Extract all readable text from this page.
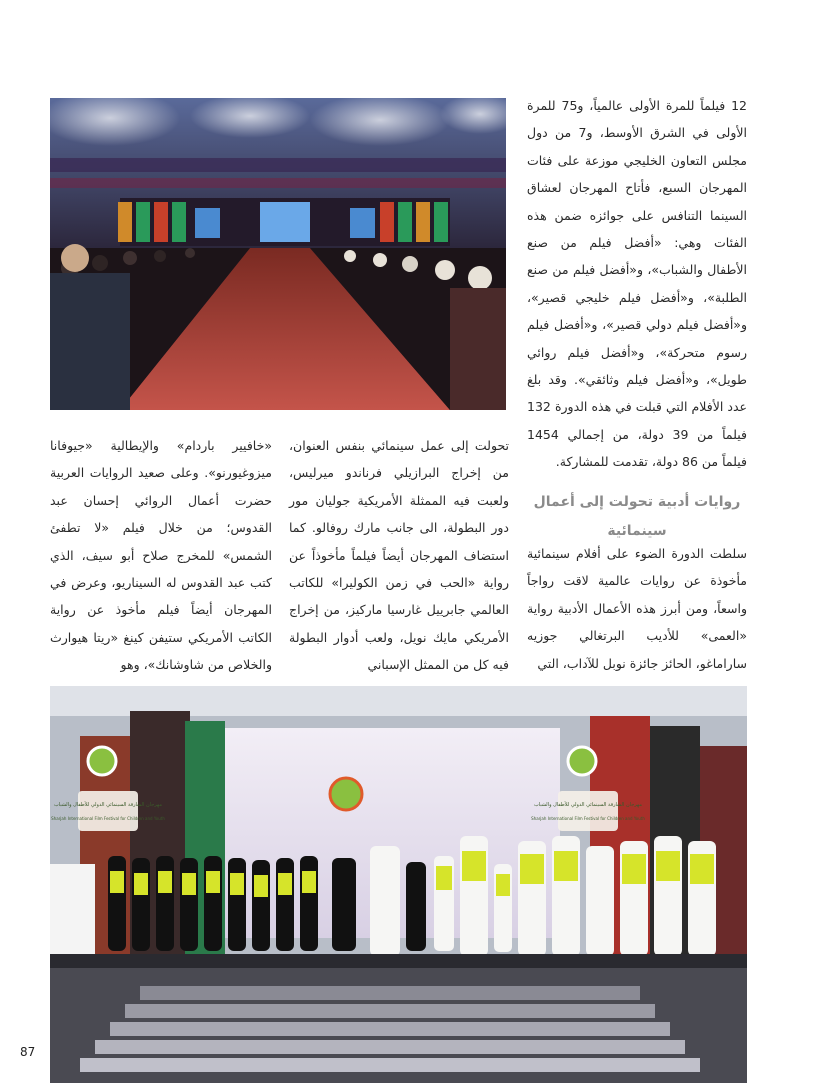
12 فيلماً للمرة الأولى عالمياً، و75 للمرة الأولى في الشرق الأوسط، و7 من دول مجلس التعاون الخليجي موزعة على فئات المهرجان السبع، فأتاح المهرجان لعشاق السينما التنافس على جوائزه ضمن هذه الفئات وهي: «أفضل فيلم من صنع الأطفال والشباب»، و«أفضل فيلم من صنع الطلبة»، و«أفضل فيلم خليجي قصير»، و«أفضل فيلم دولي قصير»، و«أفضل فيلم رسوم متحركة»، و«أفضل فيلم روائي طويل»، و«أفضل فيلم وثائقي». وقد بلغ عدد الأفلام التي قبلت في هذه الدورة 132 فيلماً من 39 دولة، من إجمالي 1454 فيلماً من 86 دولة، تقدمت للمشاركة.
روايات أدبية تحولت إلى أعمال سينمائية
سلطت الدورة الضوء على أفلام سينمائية مأخوذة عن روايات عالمية لاقت رواجاً واسعاً، ومن أبرز هذه الأعمال الأدبية رواية «العمى» للأديب البرتغالي جوزيه ساراماغو، الحائز جائزة نوبل للآداب، التي
تحولت إلى عمل سينمائي بنفس العنوان، من إخراج البرازيلي فرناندو ميرليس، ولعبت فيه الممثلة الأمريكية جوليان مور دور البطولة، الى جانب مارك روفالو. كما استضاف المهرجان أيضاً فيلماً مأخوذاً عن رواية «الحب في زمن الكوليرا» للكاتب العالمي جابرييل غارسيا ماركيز، من إخراج الأمريكي مايك نويل، ولعب أدوار البطولة فيه كل من الممثل الإسباني
«خافيير باردام» والإيطالية «جيوفانا ميزوغيورنو». وعلى صعيد الروايات العربية حضرت أعمال الروائي إحسان عبد القدوس؛ من خلال فيلم «لا تطفئ الشمس» للمخرج صلاح أبو سيف، الذي كتب عبد القدوس له السيناريو، وعرض في المهرجان أيضاً فيلم مأخوذ عن رواية الكاتب الأمريكي ستيفن كينغ «ريتا هيوارث والخلاص من شاوشانك»، وهو
مهرجان الشارقة السينمائي الدولي للأطفال والشباب
Sharjah International Film Festival for Children and Youth
مهرجان الشارقة السينمائي الدولي للأطفال والشباب
Sharjah International Film Festival for Children and Youth
87
